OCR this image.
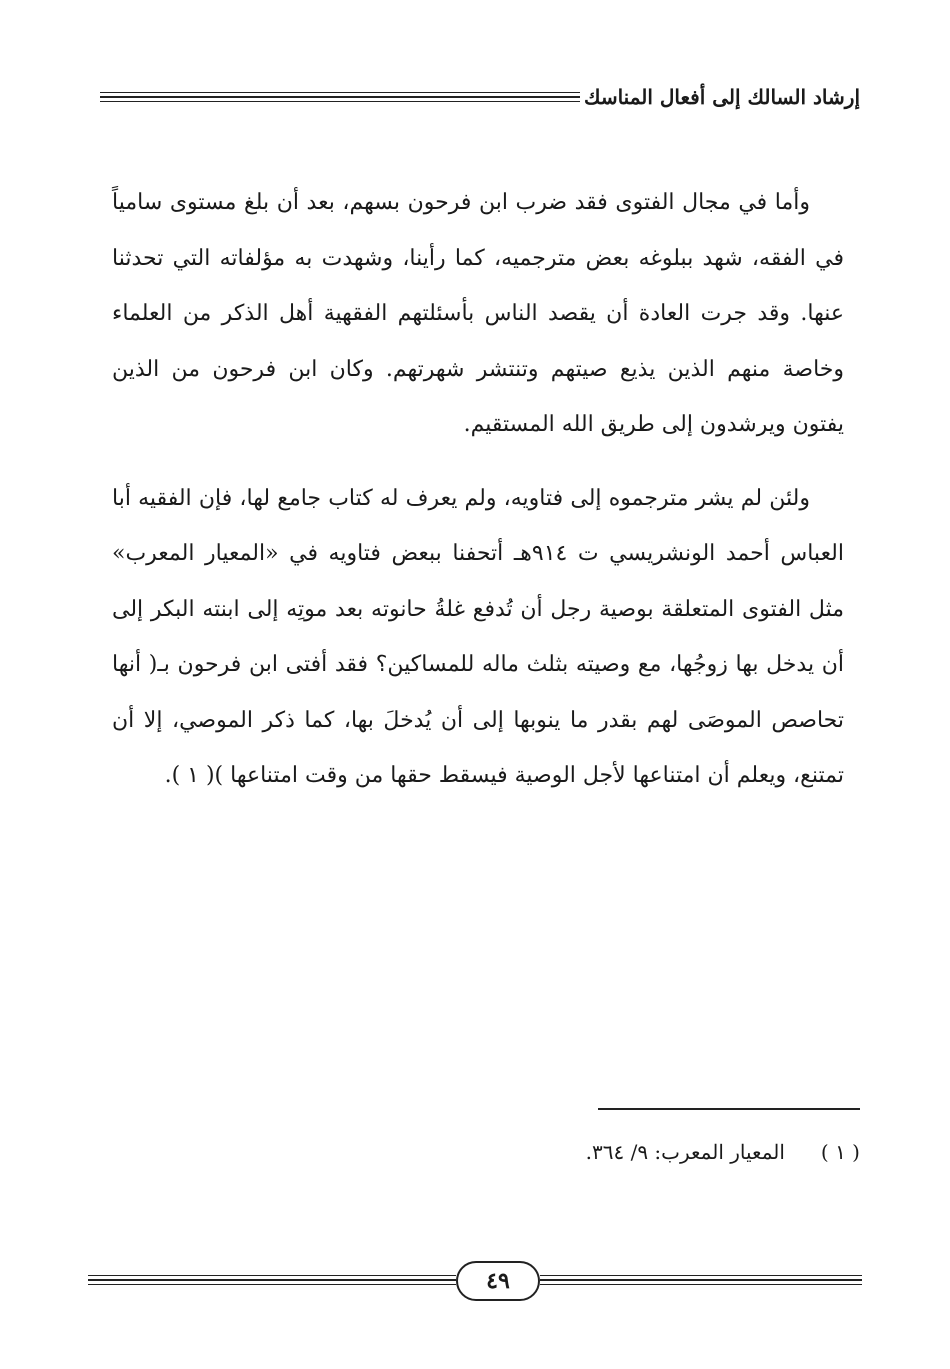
إرشاد السالك إلى أفعال المناسك

وأما في مجال الفتوى فقد ضرب ابن فرحون بسهم، بعد أن بلغ مستوى سامياً في الفقه، شهد ببلوغه بعض مترجميه، كما رأينا، وشهدت به مؤلفاته التي تحدثنا عنها. وقد جرت العادة أن يقصد الناس بأسئلتهم الفقهية أهل الذكر من العلماء وخاصة منهم الذين يذيع صيتهم وتنتشر شهرتهم. وكان ابن فرحون من الذين يفتون ويرشدون إلى طريق الله المستقيم.

ولئن لم يشر مترجموه إلى فتاويه، ولم يعرف له كتاب جامع لها، فإن الفقيه أبا العباس أحمد الونشريسي ت ٩١٤هـ أتحفنا ببعض فتاويه في «المعيار المعرب» مثل الفتوى المتعلقة بوصية رجل أن تُدفع غلةُ حانوته بعد موتِه إلى ابنته البكر إلى أن يدخل بها زوجُها، مع وصيته بثلث ماله للمساكين؟ فقد أفتى ابن فرحون بـ( أنها تحاصص الموصَى لهم بقدر ما ينوبها إلى أن يُدخلَ بها، كما ذكر الموصي، إلا أن تمتنع، ويعلم أن امتناعها لأجل الوصية فيسقط حقها من وقت امتناعها )( ١ ).

( ١ )المعيار المعرب: ٩/ ٣٦٤.
٤٩
